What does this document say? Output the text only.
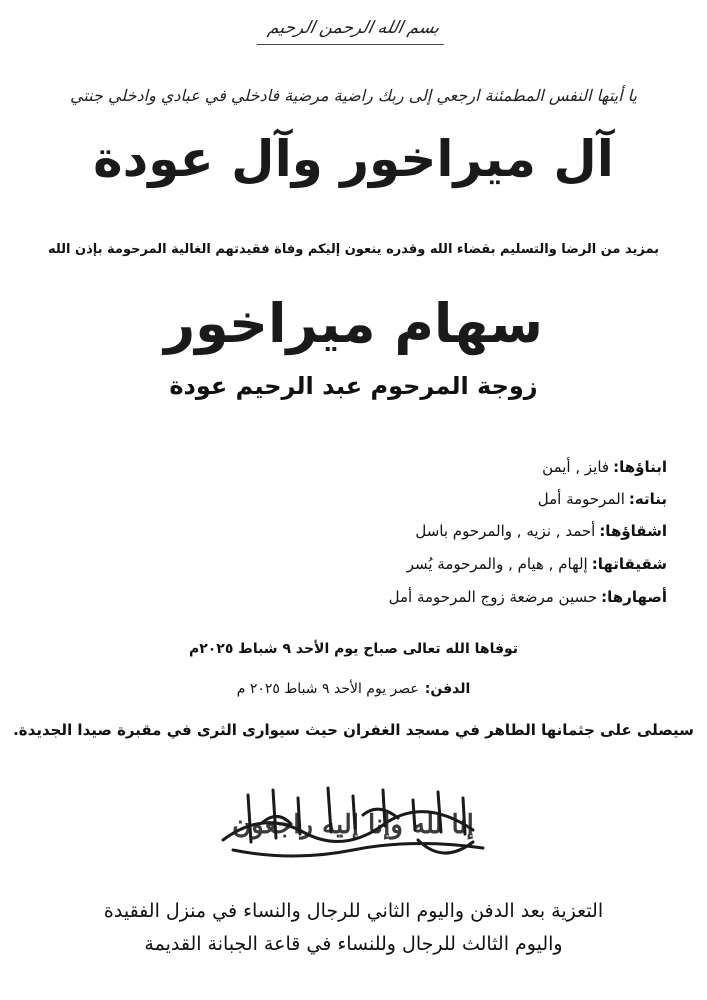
بسم الله الرحمن الرحيم
يا أيتها النفس المطمئنة ارجعي إلى ربك راضية مرضية فادخلي في عبادي وادخلي جنتي
آل ميراخور وآل عودة
بمزيد من الرضا والتسليم بقضاء الله وقدره ينعون إليكم وفاة فقيدتهم الغالية المرحومة بإذن الله
سهام ميراخور
زوجة المرحوم عبد الرحيم عودة
ابناؤها:فايز , أيمن
بناته:المرحومة أمل
اشقاؤها:أحمد , نزيه , والمرحوم باسل
شقيقاتها:إلهام , هيام , والمرحومة يُسر
أصهارها:حسين مرضعة زوج المرحومة أمل
توفاها الله تعالى صباح يوم الأحد ٩ شباط ٢٠٢٥م
الدفن:عصر يوم الأحد ٩ شباط ٢٠٢٥ م
سيصلى على جثمانها الطاهر في مسجد الغفران حيث سيوارى الثرى في مقبرة صيدا الجديدة.
إنا لله وإنا إليه راجعون
التعزية بعد الدفن واليوم الثاني للرجال والنساء في منزل الفقيدة
واليوم الثالث للرجال وللنساء في قاعة الجبانة القديمة
